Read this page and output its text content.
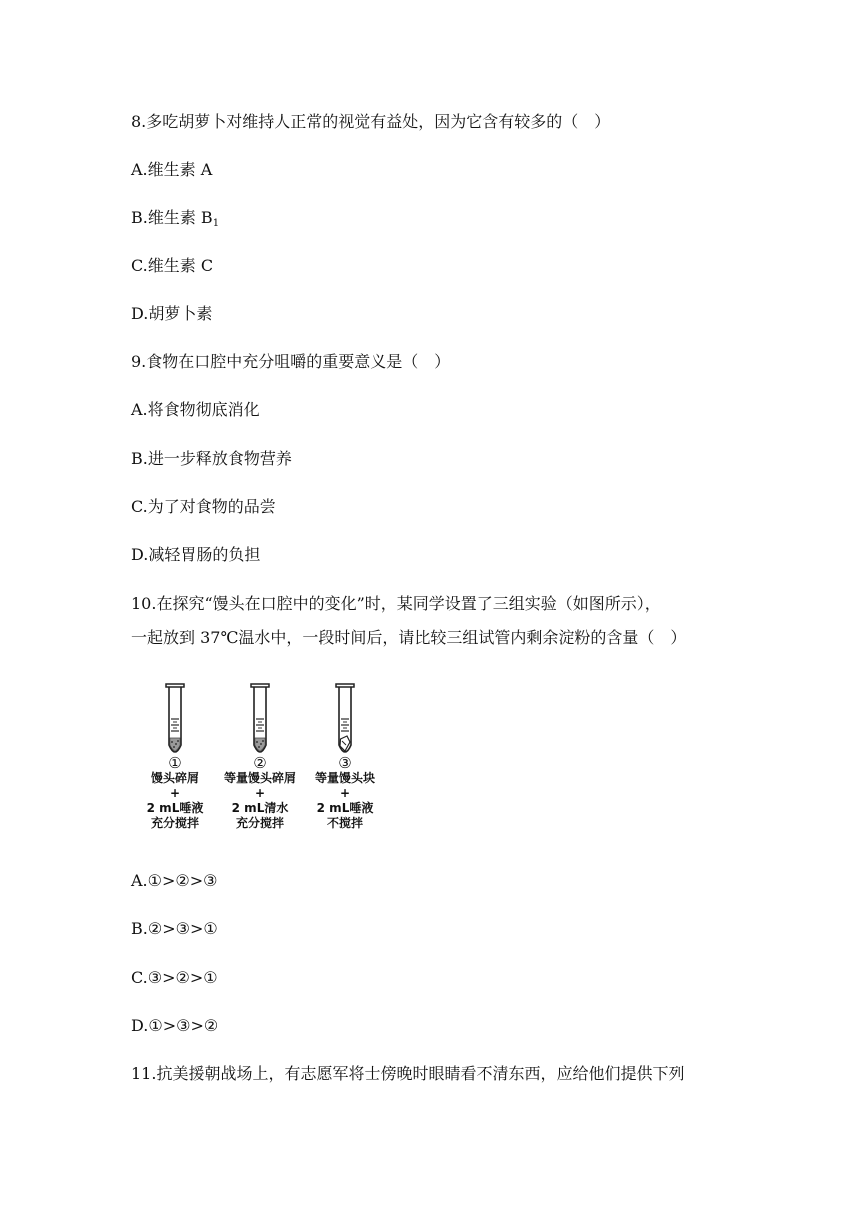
8.多吃胡萝卜对维持人正常的视觉有益处，因为它含有较多的（　）
A.维生素 A
B.维生素 $B_1$
C.维生素 C
D.胡萝卜素
9.食物在口腔中充分咀嚼的重要意义是（　）
A.将食物彻底消化
B.进一步释放食物营养
C.为了对食物的品尝
D.减轻胃肠的负担
10.在探究“馒头在口腔中的变化”时，某同学设置了三组实验（如图所示），
一起放到 37℃温水中，一段时间后，请比较三组试管内剩余淀粉的含量（　）
①
馒头碎屑
+
2 mL唾液
充分搅拌
②
等量馒头碎屑
+
2 mL清水
充分搅拌
③
等量馒头块
+
2 mL唾液
不搅拌
A.①>②>③
B.②>③>①
C.③>②>①
D.①>③>②
11.抗美援朝战场上，有志愿军将士傍晚时眼睛看不清东西，应给他们提供下列
